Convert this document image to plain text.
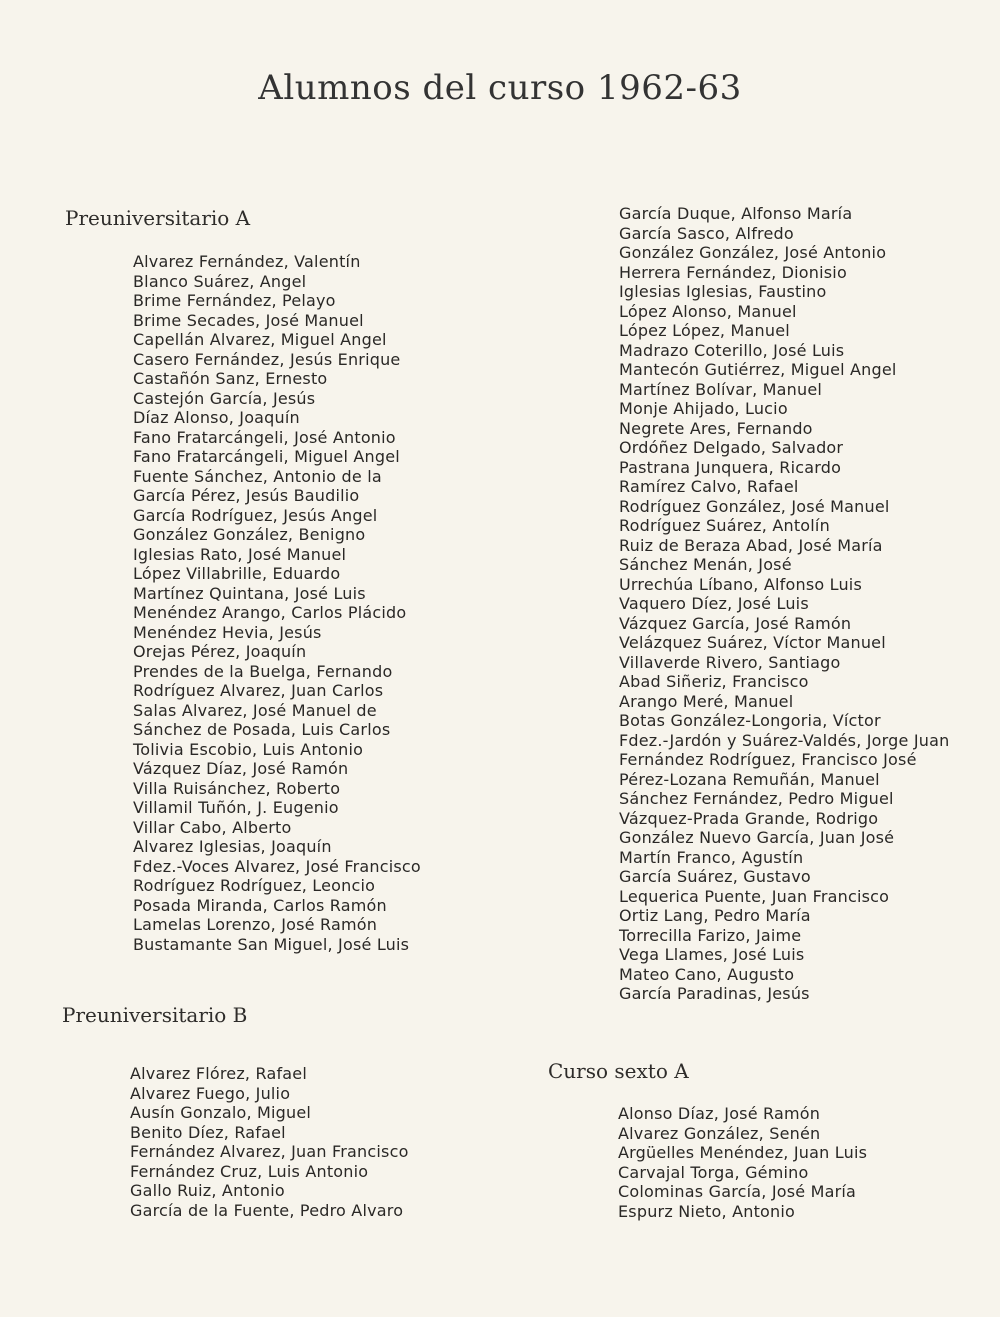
Alumnos del curso 1962-63
Preuniversitario A
Alvarez Fernández, Valentín
Blanco Suárez, Angel
Brime Fernández, Pelayo
Brime Secades, José Manuel
Capellán Alvarez, Miguel Angel
Casero Fernández, Jesús Enrique
Castañón Sanz, Ernesto
Castejón García, Jesús
Díaz Alonso, Joaquín
Fano Fratarcángeli, José Antonio
Fano Fratarcángeli, Miguel Angel
Fuente Sánchez, Antonio de la
García Pérez, Jesús Baudilio
García Rodríguez, Jesús Angel
González González, Benigno
Iglesias Rato, José Manuel
López Villabrille, Eduardo
Martínez Quintana, José Luis
Menéndez Arango, Carlos Plácido
Menéndez Hevia, Jesús
Orejas Pérez, Joaquín
Prendes de la Buelga, Fernando
Rodríguez Alvarez, Juan Carlos
Salas Alvarez, José Manuel de
Sánchez de Posada, Luis Carlos
Tolivia Escobio, Luis Antonio
Vázquez Díaz, José Ramón
Villa Ruisánchez, Roberto
Villamil Tuñón, J. Eugenio
Villar Cabo, Alberto
Alvarez Iglesias, Joaquín
Fdez.-Voces Alvarez, José Francisco
Rodríguez Rodríguez, Leoncio
Posada Miranda, Carlos Ramón
Lamelas Lorenzo, José Ramón
Bustamante San Miguel, José Luis
Preuniversitario B
Alvarez Flórez, Rafael
Alvarez Fuego, Julio
Ausín Gonzalo, Miguel
Benito Díez, Rafael
Fernández Alvarez, Juan Francisco
Fernández Cruz, Luis Antonio
Gallo Ruiz, Antonio
García de la Fuente, Pedro Alvaro
García Duque, Alfonso María
García Sasco, Alfredo
González González, José Antonio
Herrera Fernández, Dionisio
Iglesias Iglesias, Faustino
López Alonso, Manuel
López López, Manuel
Madrazo Coterillo, José Luis
Mantecón Gutiérrez, Miguel Angel
Martínez Bolívar, Manuel
Monje Ahijado, Lucio
Negrete Ares, Fernando
Ordóñez Delgado, Salvador
Pastrana Junquera, Ricardo
Ramírez Calvo, Rafael
Rodríguez González, José Manuel
Rodríguez Suárez, Antolín
Ruiz de Beraza Abad, José María
Sánchez Menán, José
Urrechúa Líbano, Alfonso Luis
Vaquero Díez, José Luis
Vázquez García, José Ramón
Velázquez Suárez, Víctor Manuel
Villaverde Rivero, Santiago
Abad Siñeriz, Francisco
Arango Meré, Manuel
Botas González-Longoria, Víctor
Fdez.-Jardón y Suárez-Valdés, Jorge Juan
Fernández Rodríguez, Francisco José
Pérez-Lozana Remuñán, Manuel
Sánchez Fernández, Pedro Miguel
Vázquez-Prada Grande, Rodrigo
González Nuevo García, Juan José
Martín Franco, Agustín
García Suárez, Gustavo
Lequerica Puente, Juan Francisco
Ortiz Lang, Pedro María
Torrecilla Farizo, Jaime
Vega Llames, José Luis
Mateo Cano, Augusto
García Paradinas, Jesús
Curso sexto A
Alonso Díaz, José Ramón
Alvarez González, Senén
Argüelles Menéndez, Juan Luis
Carvajal Torga, Gémino
Colominas García, José María
Espurz Nieto, Antonio
